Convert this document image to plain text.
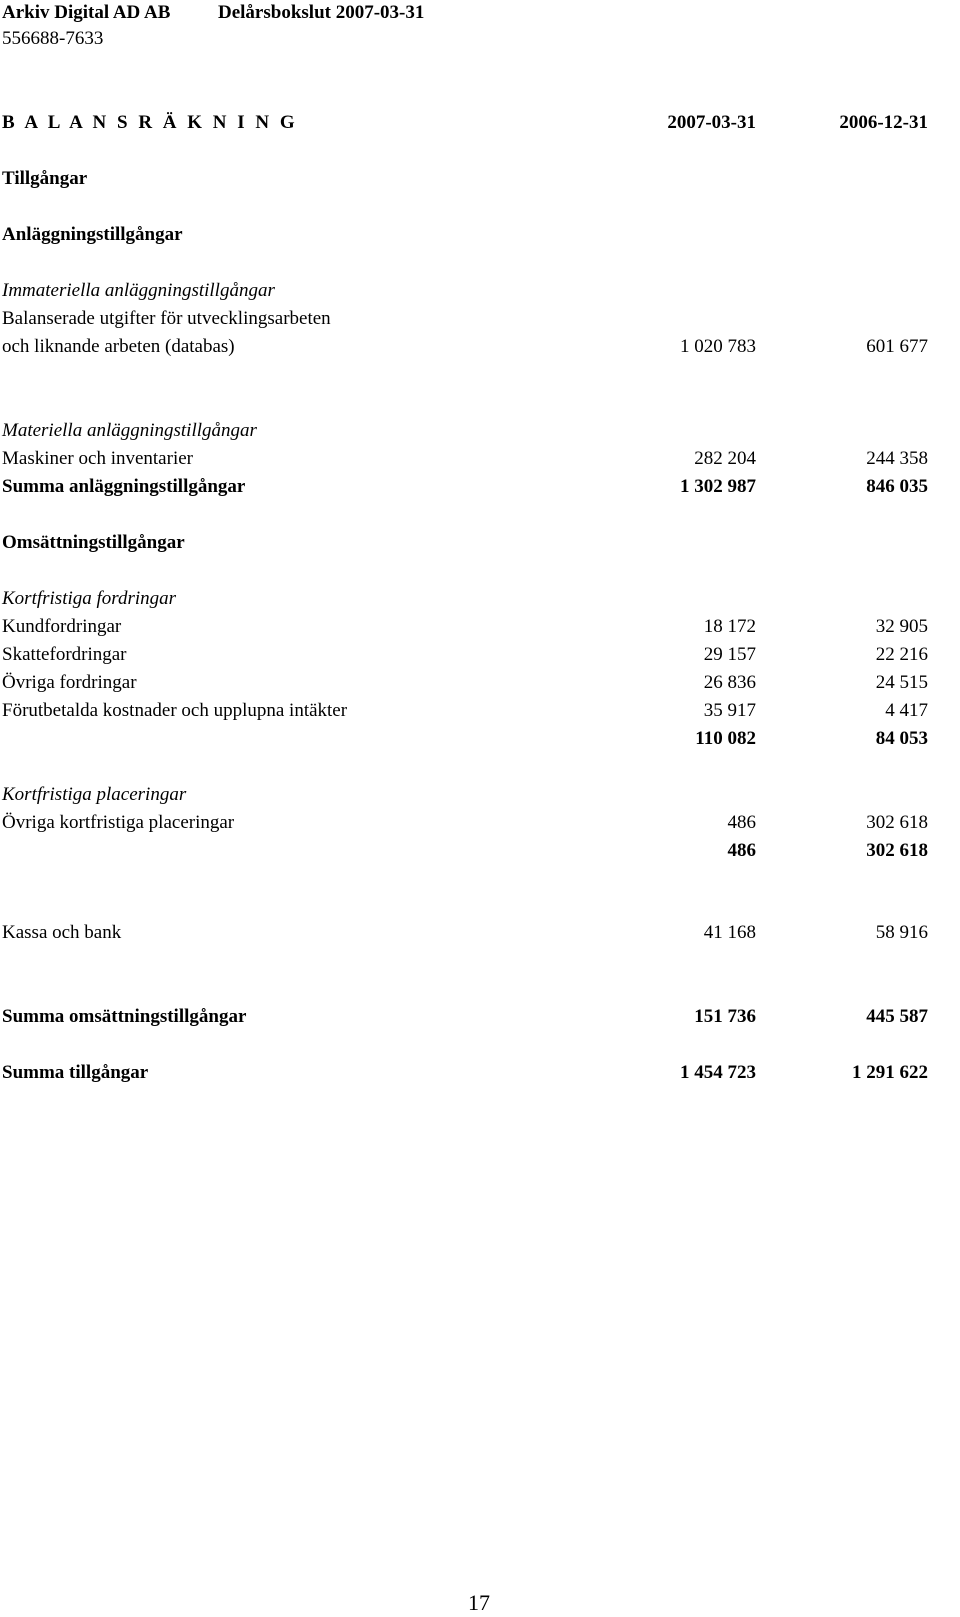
Arkiv Digital AD AB	Delårsbokslut 2007-03-31
556688-7633
B A L A N S R Ä K N I N G	2007-03-31	2006-12-31
Tillgångar
Anläggningstillgångar
Immateriella anläggningstillgångar
Balanserade utgifter för utvecklingsarbeten
och liknande arbeten (databas)	1 020 783	601 677
Materiella anläggningstillgångar
Maskiner och inventarier	282 204	244 358
Summa anläggningstillgångar	1 302 987	846 035
Omsättningstillgångar
Kortfristiga fordringar
Kundfordringar	18 172	32 905
Skattefordringar	29 157	22 216
Övriga fordringar	26 836	24 515
Förutbetalda kostnader och upplupna intäkter	35 917	4 417
110 082	84 053
Kortfristiga placeringar
Övriga kortfristiga placeringar	486	302 618
486	302 618
Kassa och bank	41 168	58 916
Summa omsättningstillgångar	151 736	445 587
Summa tillgångar	1 454 723	1 291 622
17
